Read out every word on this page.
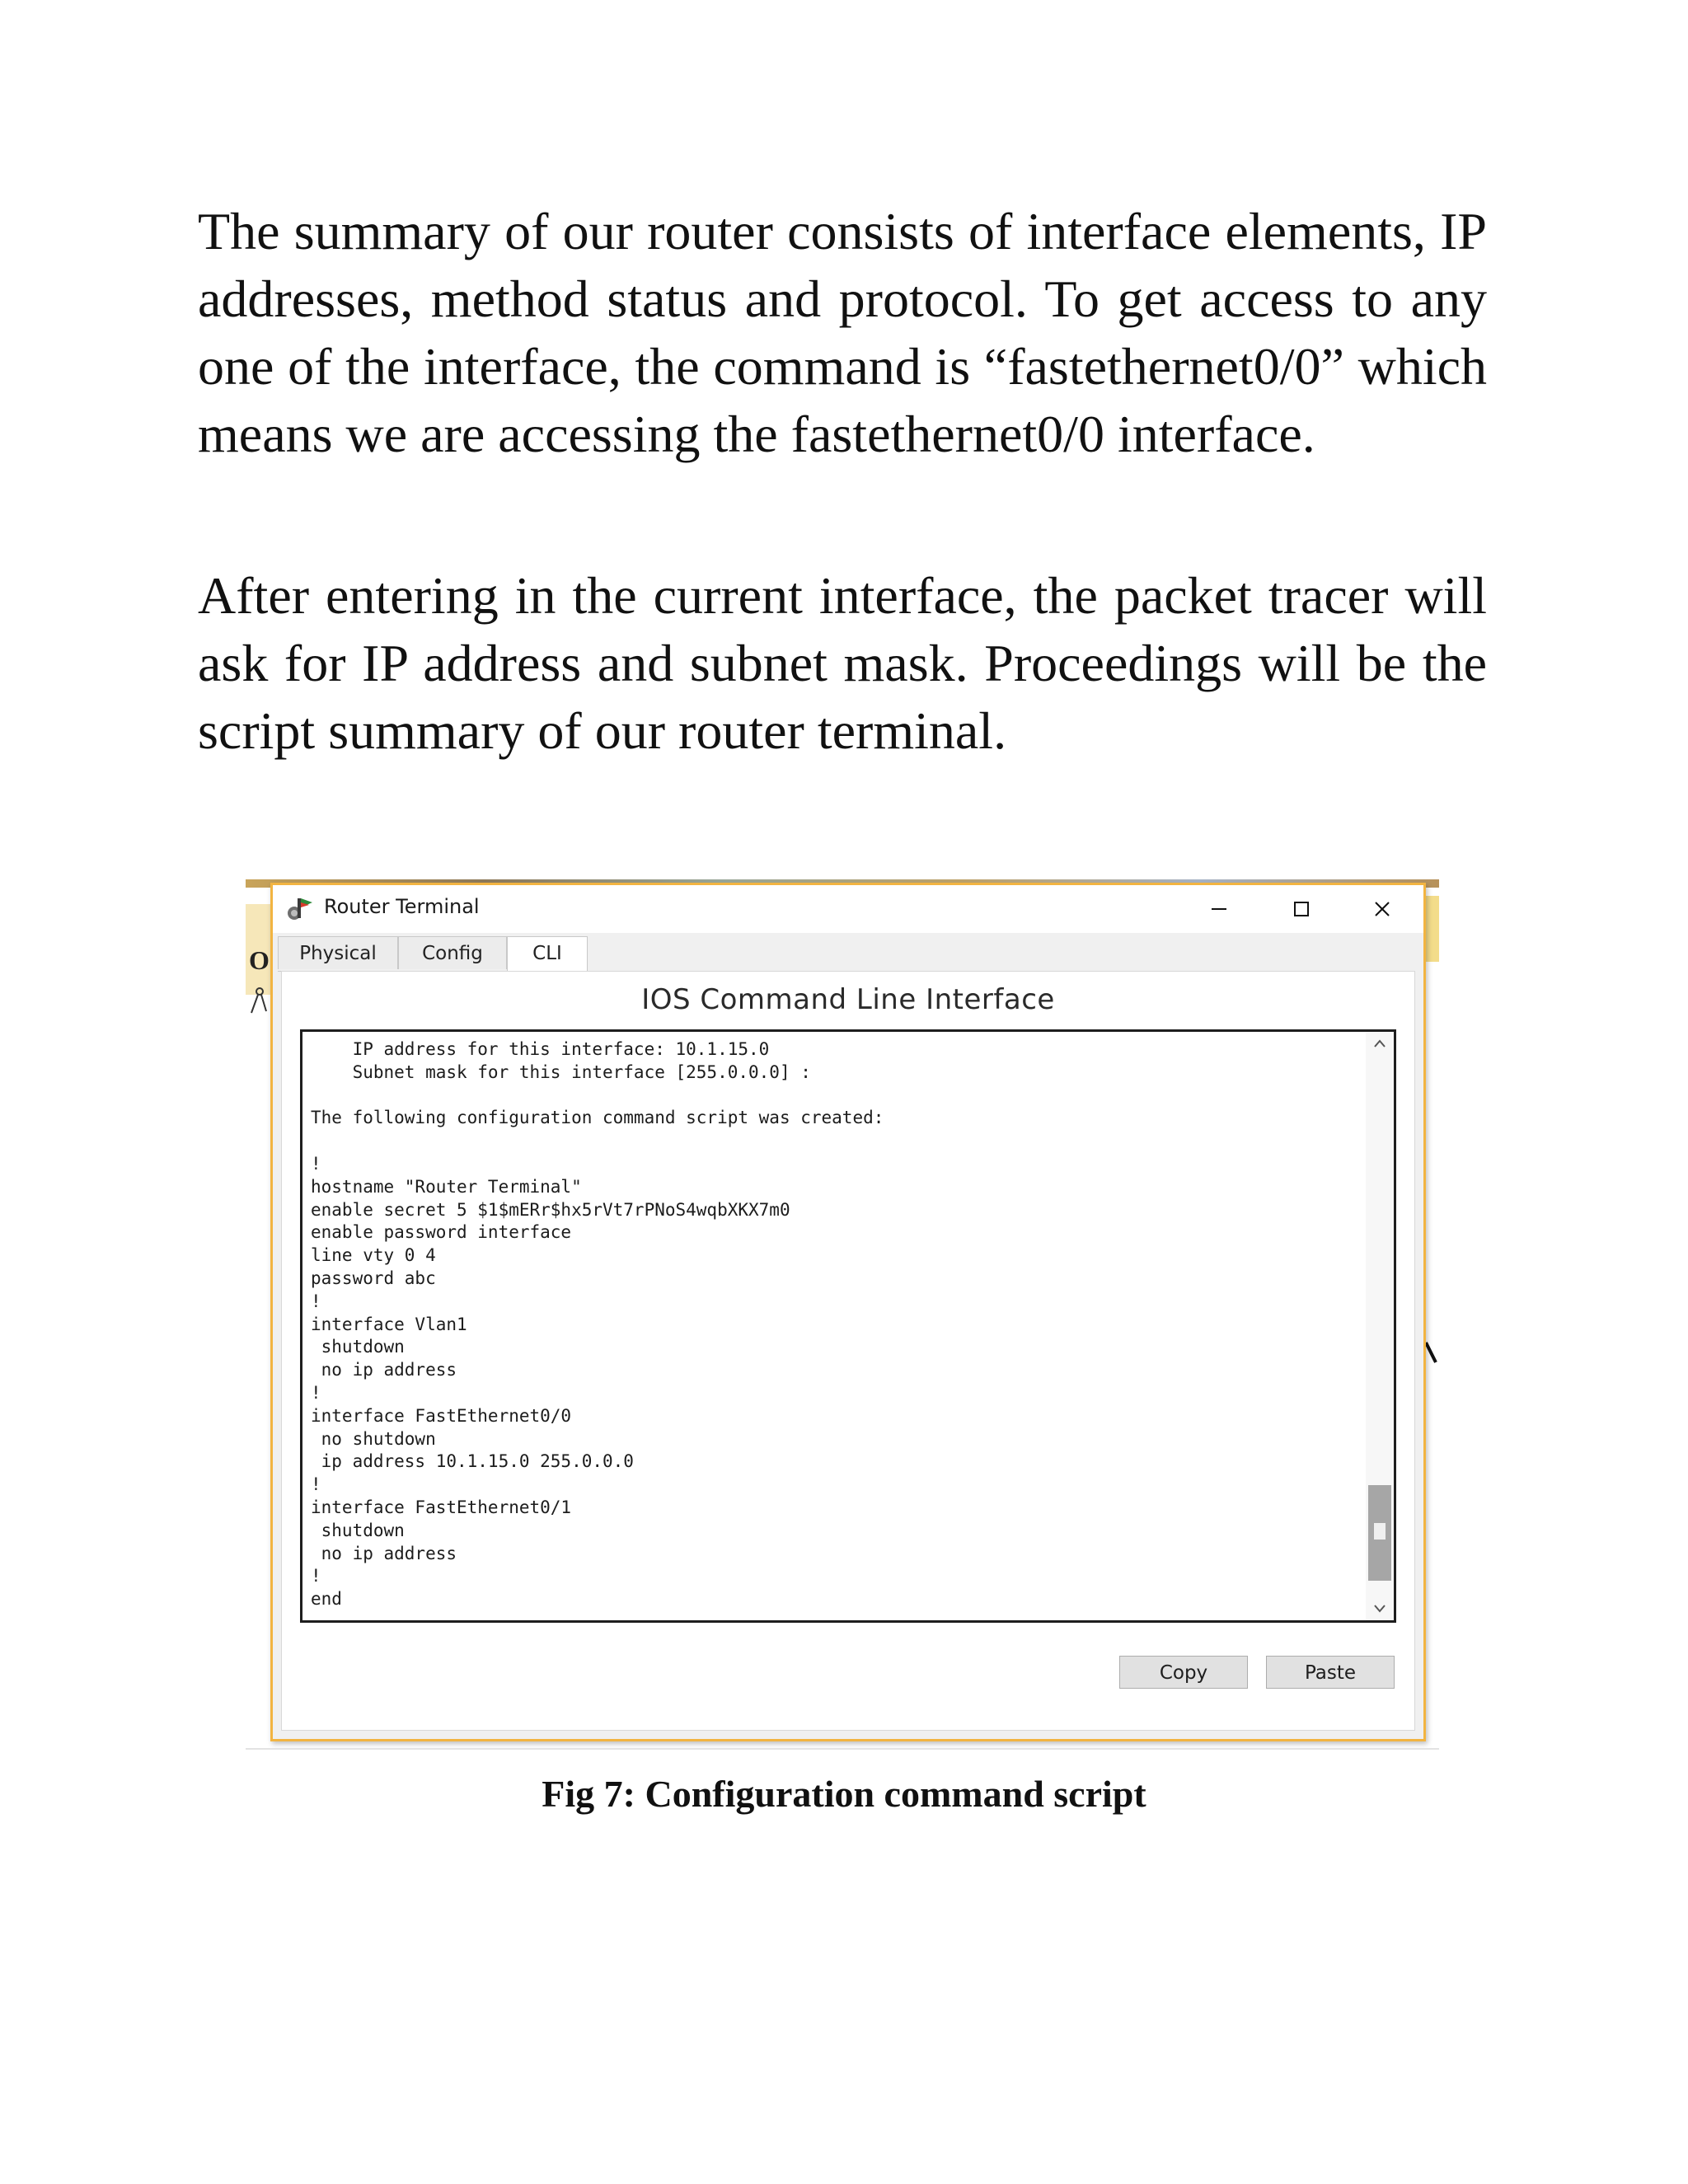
The summary of our router consists of interface elements, IP addresses, method status and protocol. To get access to any one of the interface, the command is “fastethernet0/0” which means we are accessing the fastethernet0/0 interface.

After entering in the current interface, the packet tracer will ask for IP address and subnet mask. Proceedings will be the script summary of our router terminal.

O
Router Terminal
Physical	Config	CLI
IOS Command Line Interface
IP address for this interface: 10.1.15.0
Subnet mask for this interface [255.0.0.0] :

The following configuration command script was created:

!
hostname "Router Terminal"
enable secret 5 $1$mERr$hx5rVt7rPNoS4wqbXKX7m0
enable password interface
line vty 0 4
password abc
!
interface Vlan1
shutdown
no ip address
!
interface FastEthernet0/0
no shutdown
ip address 10.1.15.0 255.0.0.0
!
interface FastEthernet0/1
shutdown
no ip address
!
end
Copy	Paste
Fig 7: Configuration command script
